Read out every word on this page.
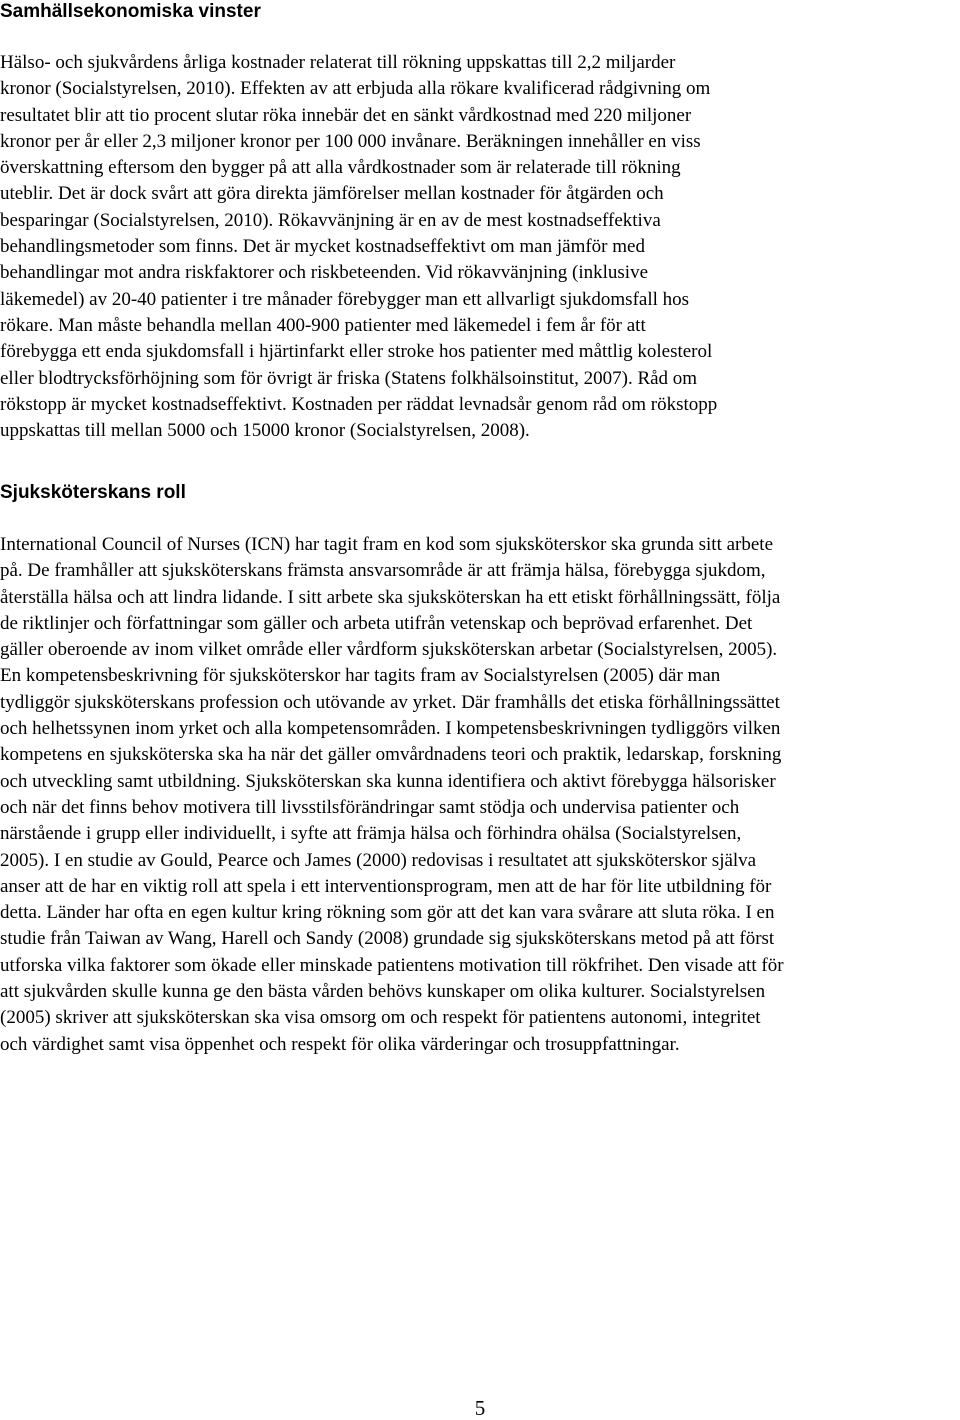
Samhällsekonomiska vinster
Hälso- och sjukvårdens årliga kostnader relaterat till rökning uppskattas till 2,2 miljarder
kronor (Socialstyrelsen, 2010). Effekten av att erbjuda alla rökare kvalificerad rådgivning om
resultatet blir att tio procent slutar röka innebär det en sänkt vårdkostnad med 220 miljoner
kronor per år eller 2,3 miljoner kronor per 100 000 invånare. Beräkningen innehåller en viss
överskattning eftersom den bygger på att alla vårdkostnader som är relaterade till rökning
uteblir. Det är dock svårt att göra direkta jämförelser mellan kostnader för åtgärden och
besparingar (Socialstyrelsen, 2010). Rökavvänjning är en av de mest kostnadseffektiva
behandlingsmetoder som finns. Det är mycket kostnadseffektivt om man jämför med
behandlingar mot andra riskfaktorer och riskbeteenden. Vid rökavvänjning (inklusive
läkemedel) av 20-40 patienter i tre månader förebygger man ett allvarligt sjukdomsfall hos
rökare. Man måste behandla mellan 400-900 patienter med läkemedel i fem år för att
förebygga ett enda sjukdomsfall i hjärtinfarkt eller stroke hos patienter med måttlig kolesterol
eller blodtrycksförhöjning som för övrigt är friska (Statens folkhälsoinstitut, 2007). Råd om
rökstopp är mycket kostnadseffektivt. Kostnaden per räddat levnadsår genom råd om rökstopp
uppskattas till mellan 5000 och 15000 kronor (Socialstyrelsen, 2008).
Sjuksköterskans roll
International Council of Nurses (ICN) har tagit fram en kod som sjuksköterskor ska grunda sitt arbete
på. De framhåller att sjuksköterskans främsta ansvarsområde är att främja hälsa, förebygga sjukdom,
återställa hälsa och att lindra lidande. I sitt arbete ska sjuksköterskan ha ett etiskt förhållningssätt, följa
de riktlinjer och författningar som gäller och arbeta utifrån vetenskap och beprövad erfarenhet. Det
gäller oberoende av inom vilket område eller vårdform sjuksköterskan arbetar (Socialstyrelsen, 2005).
En kompetensbeskrivning för sjuksköterskor har tagits fram av Socialstyrelsen (2005) där man
tydliggör sjuksköterskans profession och utövande av yrket. Där framhålls det etiska förhållningssättet
och helhetssynen inom yrket och alla kompetensområden. I kompetensbeskrivningen tydliggörs vilken
kompetens en sjuksköterska ska ha när det gäller omvårdnadens teori och praktik, ledarskap, forskning
och utveckling samt utbildning. Sjuksköterskan ska kunna identifiera och aktivt förebygga hälsorisker
och när det finns behov motivera till livsstilsförändringar samt stödja och undervisa patienter och
närstående i grupp eller individuellt, i syfte att främja hälsa och förhindra ohälsa (Socialstyrelsen,
2005). I en studie av Gould, Pearce och James (2000) redovisas i resultatet att sjuksköterskor själva
anser att de har en viktig roll att spela i ett interventionsprogram, men att de har för lite utbildning för
detta. Länder har ofta en egen kultur kring rökning som gör att det kan vara svårare att sluta röka. I en
studie från Taiwan av Wang, Harell och Sandy (2008) grundade sig sjuksköterskans metod på att först
utforska vilka faktorer som ökade eller minskade patientens motivation till rökfrihet. Den visade att för
att sjukvården skulle kunna ge den bästa vården behövs kunskaper om olika kulturer. Socialstyrelsen
(2005) skriver att sjuksköterskan ska visa omsorg om och respekt för patientens autonomi, integritet
och värdighet samt visa öppenhet och respekt för olika värderingar och trosuppfattningar.
5
